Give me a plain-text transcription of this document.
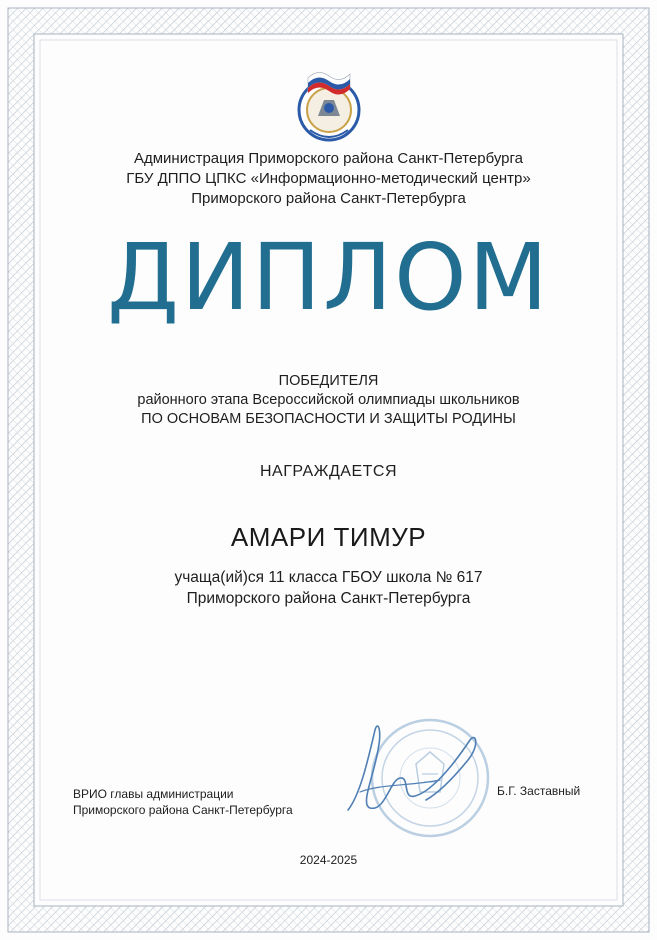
Администрация Приморского района Санкт-Петербурга
ГБУ ДППО ЦПКС «Информационно-методический центр»
Приморского района Санкт-Петербурга
ДИПЛОМ
ПОБЕДИТЕЛЯ
районного этапа Всероссийской олимпиады школьников
ПО ОСНОВАМ БЕЗОПАСНОСТИ И ЗАЩИТЫ РОДИНЫ
НАГРАЖДАЕТСЯ
АМАРИ ТИМУР
учаща(ий)ся 11 класса ГБОУ школа № 617
Приморского района Санкт-Петербурга
ВРИО главы администрации
Приморского района Санкт-Петербурга
Б.Г. Заставный
2024-2025
